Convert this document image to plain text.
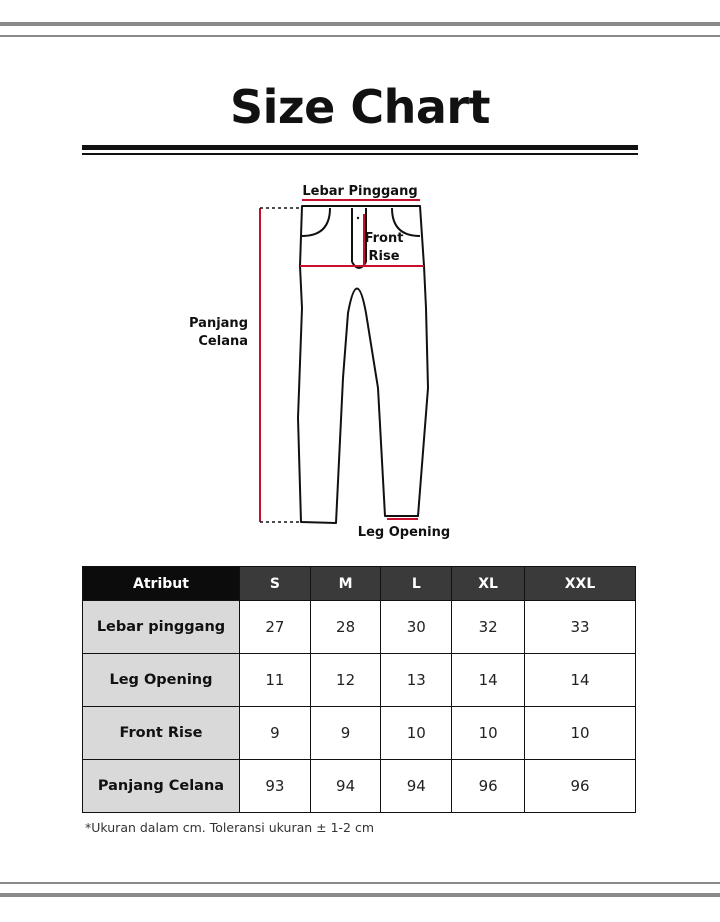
Size Chart
Lebar Pinggang
Front
Rise
Panjang
Celana
Leg Opening
Atribut	S	M	L	XL	XXL
Lebar pinggang	27	28	30	32	33
Leg Opening	11	12	13	14	14
Front Rise	9	9	10	10	10
Panjang Celana	93	94	94	96	96
*Ukuran dalam cm. Toleransi ukuran ± 1-2 cm
